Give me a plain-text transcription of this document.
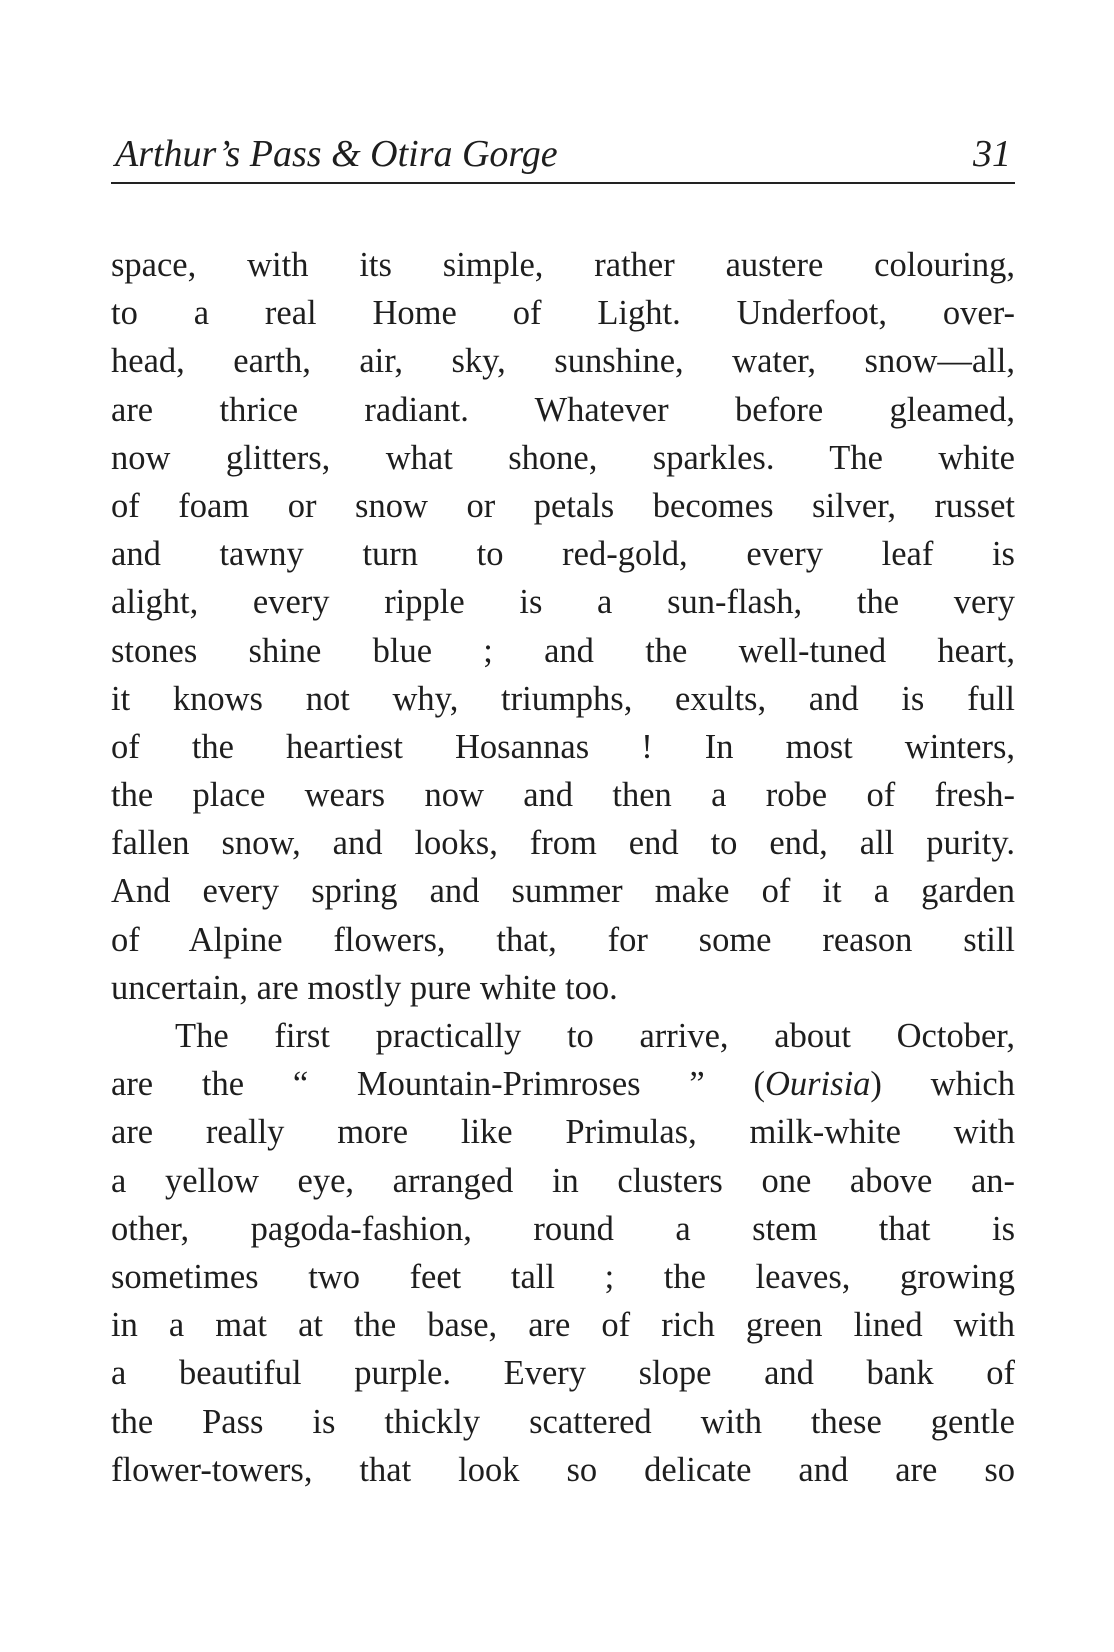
Arthur’s Pass & Otira Gorge	31
space, with its simple, rather austere colouring,
to a real Home of Light. Underfoot, over-
head, earth, air, sky, sunshine, water, snow—all,
are thrice radiant. Whatever before gleamed,
now glitters, what shone, sparkles. The white
of foam or snow or petals becomes silver, russet
and tawny turn to red-gold, every leaf is
alight, every ripple is a sun-flash, the very
stones shine blue ; and the well-tuned heart,
it knows not why, triumphs, exults, and is full
of the heartiest Hosannas ! In most winters,
the place wears now and then a robe of fresh-
fallen snow, and looks, from end to end, all purity.
And every spring and summer make of it a garden
of Alpine flowers, that, for some reason still
uncertain, are mostly pure white too.
The first practically to arrive, about October,
are the “ Mountain-Primroses ” (Ourisia) which
are really more like Primulas, milk-white with
a yellow eye, arranged in clusters one above an-
other, pagoda-fashion, round a stem that is
sometimes two feet tall ; the leaves, growing
in a mat at the base, are of rich green lined with
a beautiful purple. Every slope and bank of
the Pass is thickly scattered with these gentle
flower-towers, that look so delicate and are so
